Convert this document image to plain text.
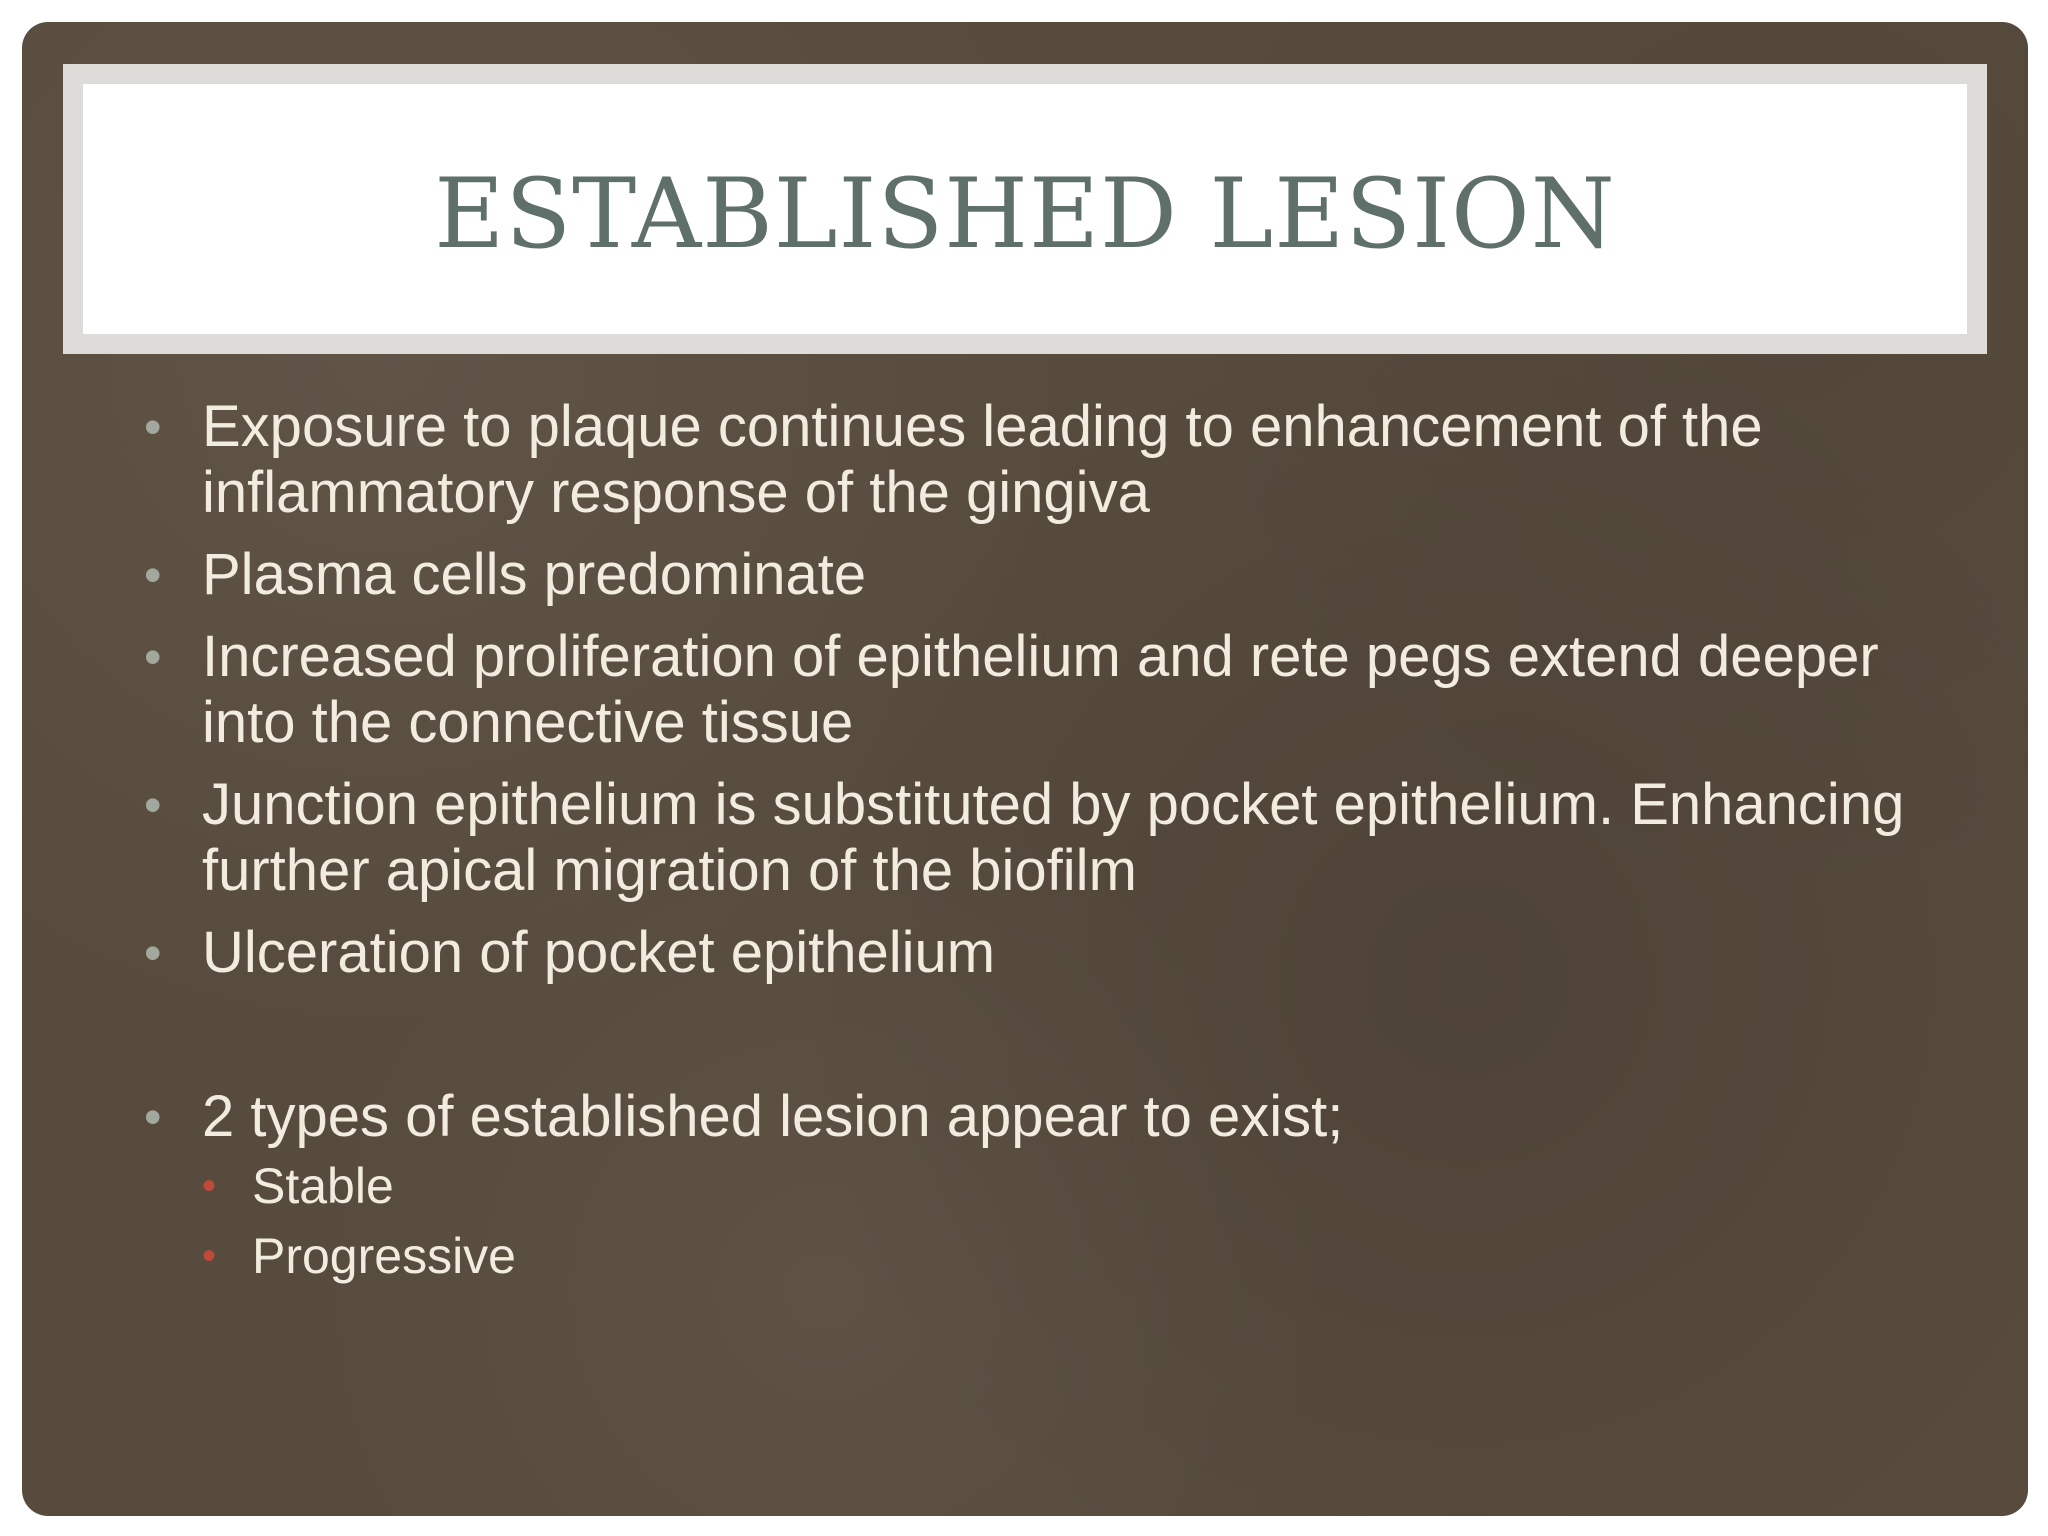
ESTABLISHED LESION
• Exposure to plaque continues leading to enhancement of the inflammatory response of the gingiva
• Plasma cells predominate
• Increased proliferation of epithelium and rete pegs extend deeper into the connective tissue
• Junction epithelium is substituted by pocket epithelium. Enhancing further apical migration of the biofilm
• Ulceration of pocket epithelium
• 2 types of established lesion appear to exist;
• Stable
• Progressive
